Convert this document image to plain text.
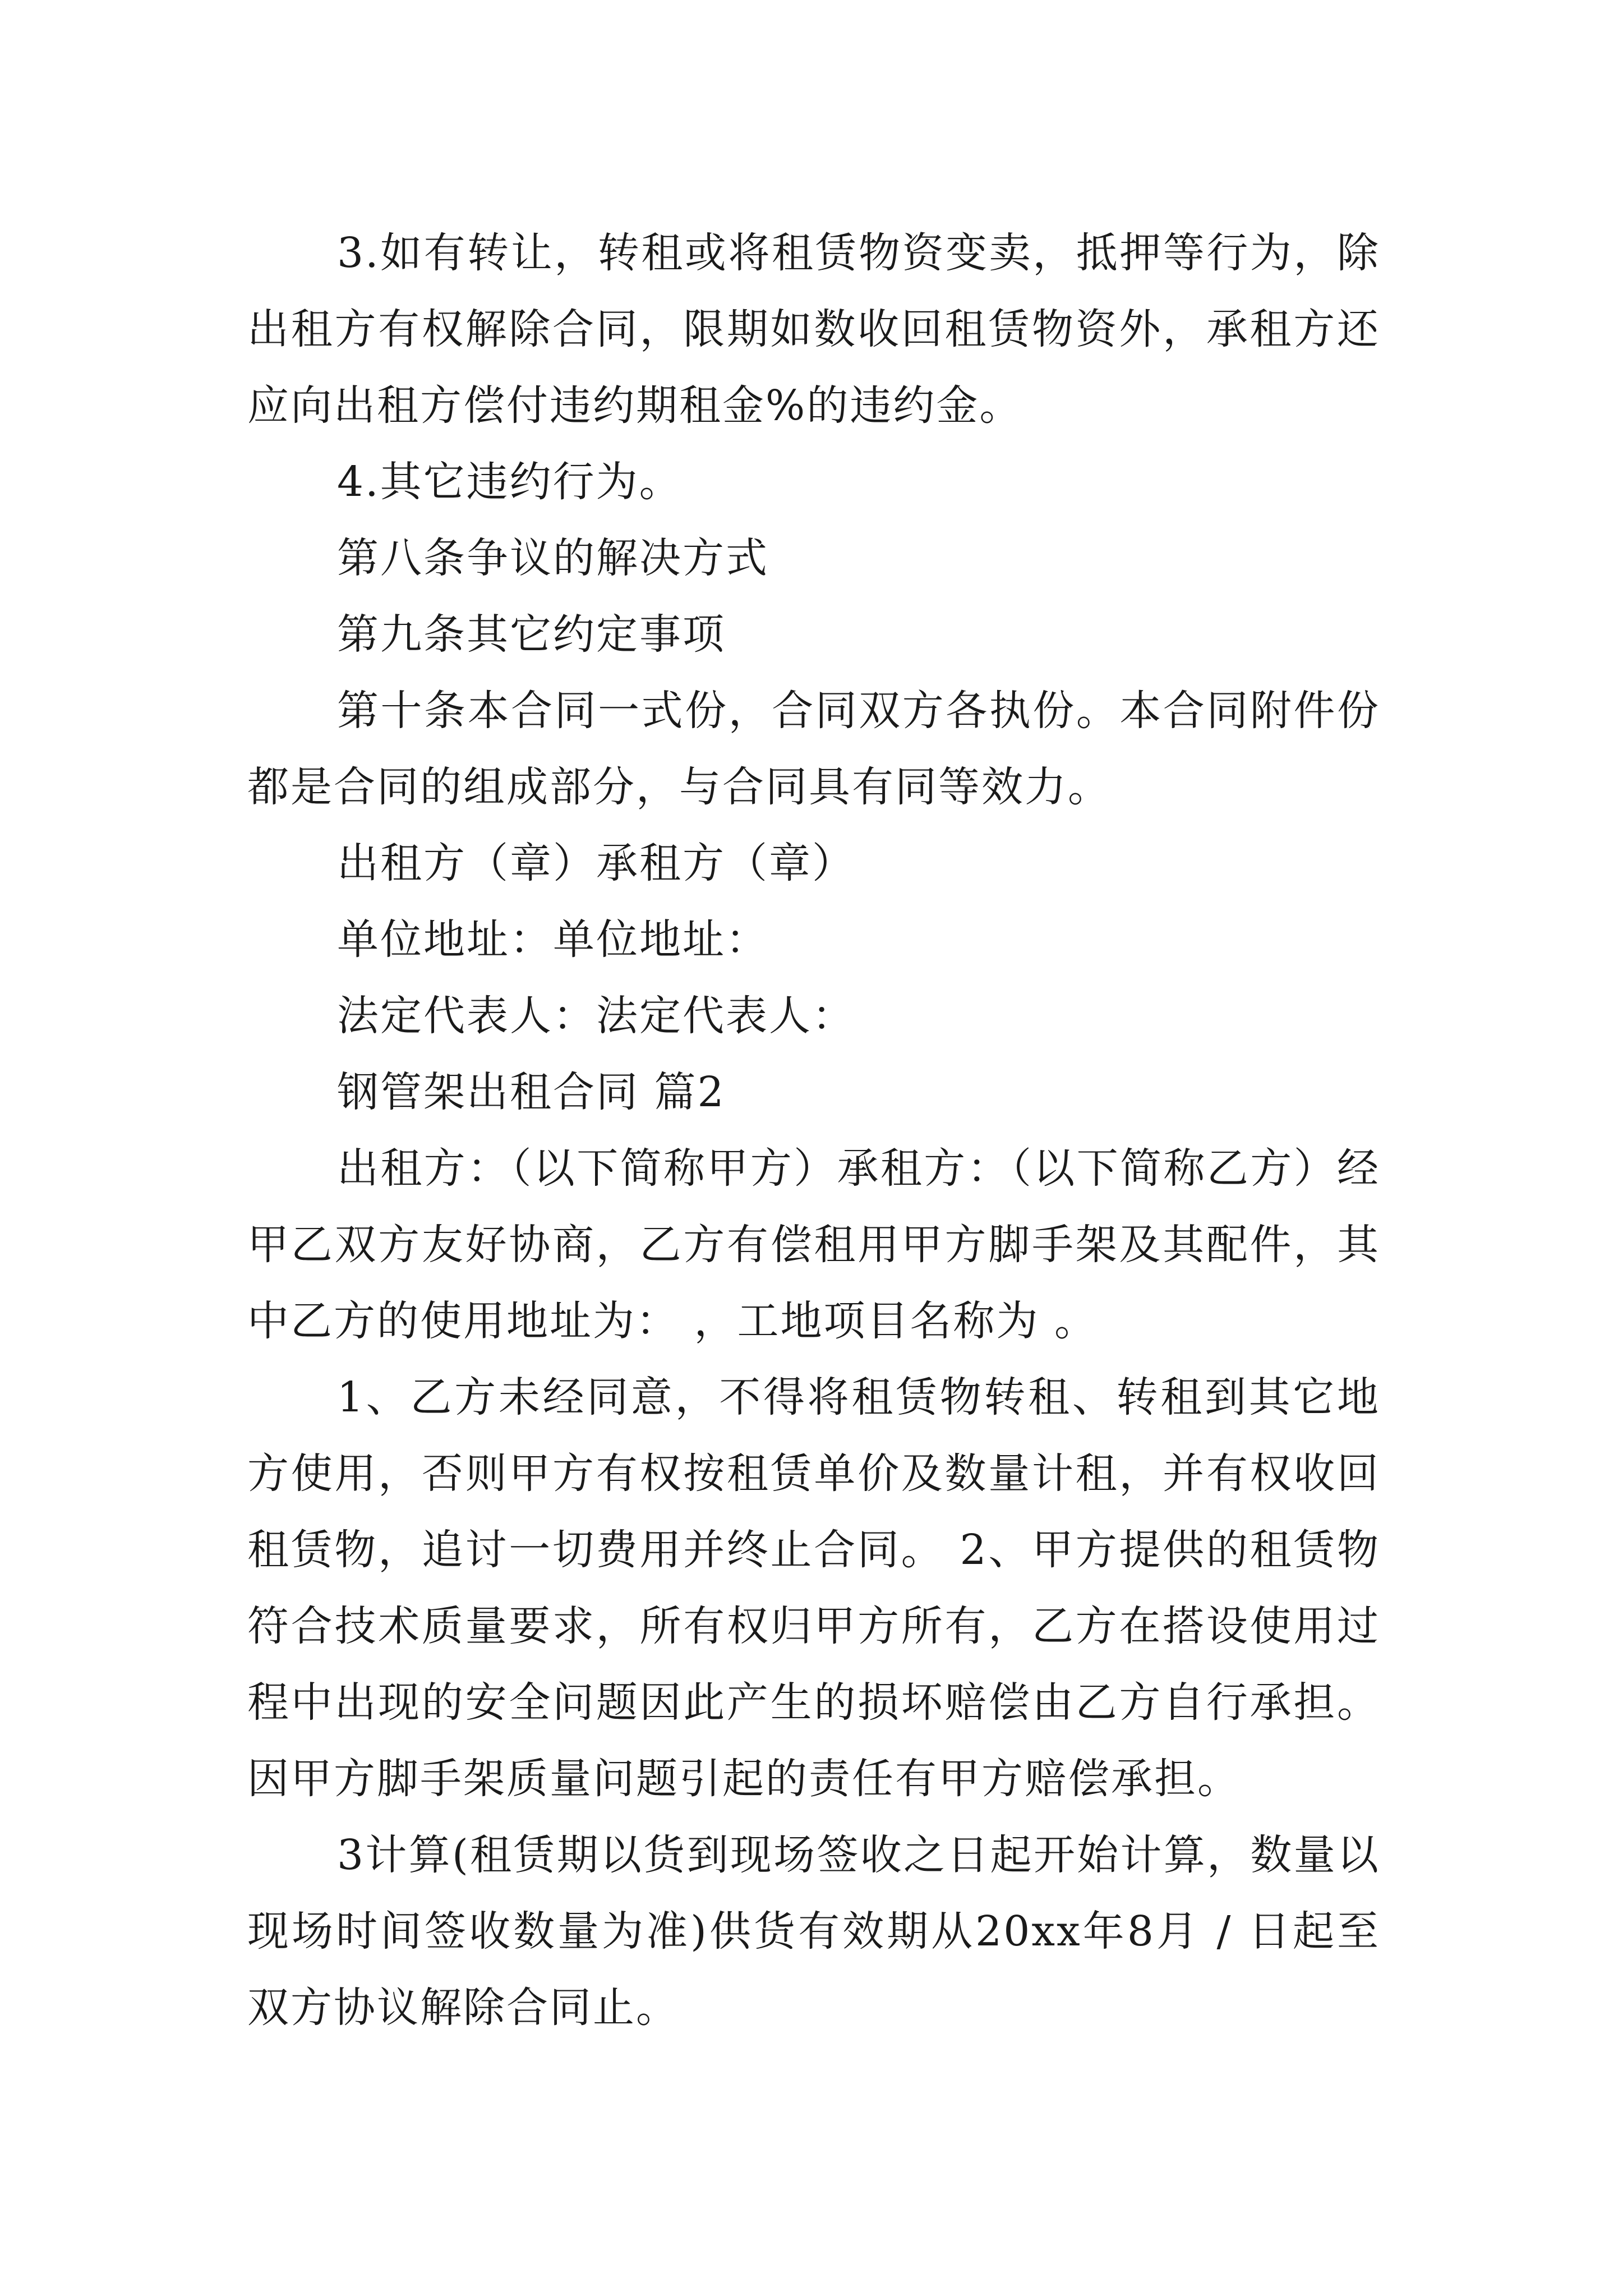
3.如有转让，转租或将租赁物资变卖，抵押等行为，除出租方有权解除合同，限期如数收回租赁物资外，承租方还应向出租方偿付违约期租金%的违约金。

4.其它违约行为。

第八条争议的解决方式

第九条其它约定事项

第十条本合同一式份，合同双方各执份。本合同附件份都是合同的组成部分，与合同具有同等效力。

出租方（章）承租方（章）

单位地址：单位地址：

法定代表人：法定代表人：

钢管架出租合同 篇2

出租方：（以下简称甲方）承租方：（以下简称乙方）经甲乙双方友好协商，乙方有偿租用甲方脚手架及其配件，其中乙方的使用地址为： ，工地项目名称为 。

1、乙方未经同意，不得将租赁物转租、转租到其它地方使用，否则甲方有权按租赁单价及数量计租，并有权收回租赁物，追讨一切费用并终止合同。 2、甲方提供的租赁物符合技术质量要求，所有权归甲方所有，乙方在搭设使用过程中出现的安全问题因此产生的损坏赔偿由乙方自行承担。因甲方脚手架质量问题引起的责任有甲方赔偿承担。

3计算(租赁期以货到现场签收之日起开始计算，数量以现场时间签收数量为准)供货有效期从20xx年8月 / 日起至双方协议解除合同止。
